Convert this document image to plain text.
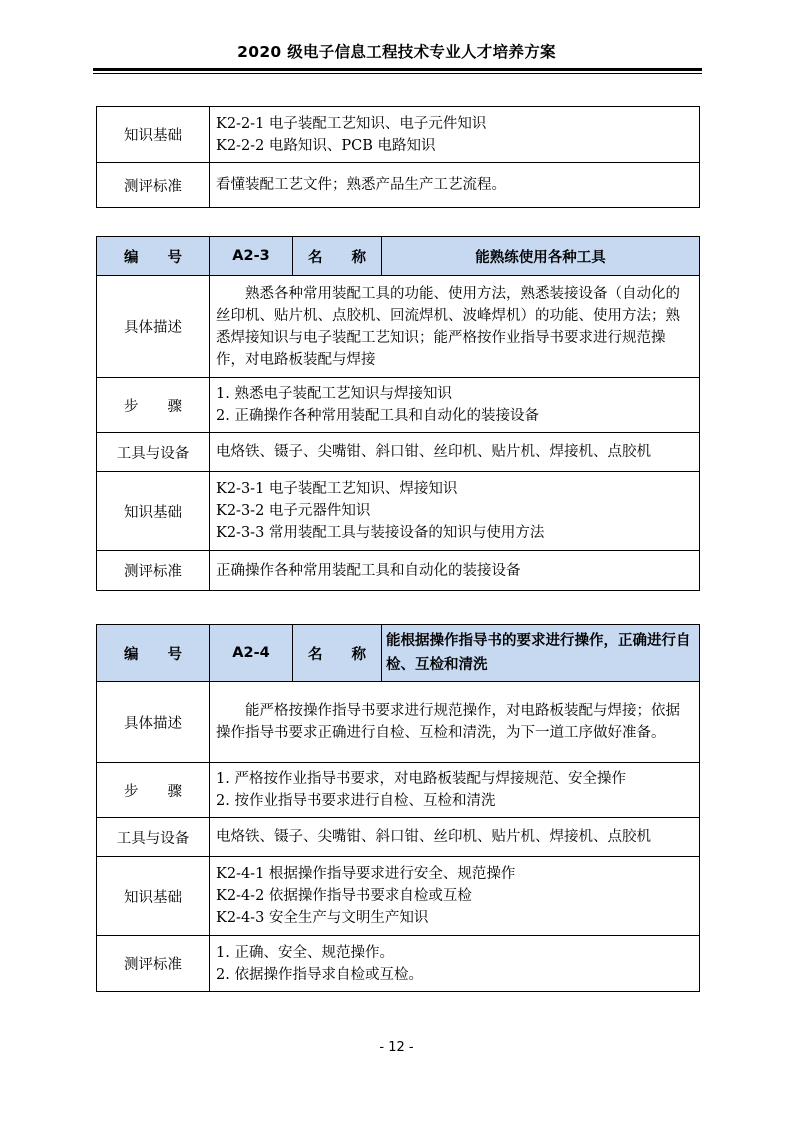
2020 级电子信息工程技术专业人才培养方案
知识基础	K2-2-1 电子装配工艺知识、电子元件知识
K2-2-2 电路知识、PCB 电路知识

测评标准	看懂装配工艺文件；熟悉产品生产工艺流程。
编　　号	A2-3	名　　称	能熟练使用各种工具
具体描述	熟悉各种常用装配工具的功能、使用方法，熟悉装接设备（自动化的丝印机、贴片机、点胶机、回流焊机、波峰焊机）的功能、使用方法；熟悉焊接知识与电子装配工艺知识；能严格按作业指导书要求进行规范操作，对电路板装配与焊接		
步　　骤	1. 熟悉电子装配工艺知识与焊接知识
2. 正确操作各种常用装配工具和自动化的装接设备		

工具与设备	电烙铁、镊子、尖嘴钳、斜口钳、丝印机、贴片机、焊接机、点胶机		
知识基础	K2-3-1 电子装配工艺知识、焊接知识
K2-3-2 电子元器件知识
K2-3-3 常用装配工具与装接设备的知识与使用方法		

测评标准	正确操作各种常用装配工具和自动化的装接设备		
编　　号	A2-4	名　　称	能根据操作指导书的要求进行操作，正确进行自检、互检和清洗
具体描述	能严格按操作指导书要求进行规范操作，对电路板装配与焊接；依据操作指导书要求正确进行自检、互检和清洗，为下一道工序做好准备。		
步　　骤	1. 严格按作业指导书要求，对电路板装配与焊接规范、安全操作
2. 按作业指导书要求进行自检、互检和清洗		

工具与设备	电烙铁、镊子、尖嘴钳、斜口钳、丝印机、贴片机、焊接机、点胶机		
知识基础	K2-4-1 根据操作指导要求进行安全、规范操作
K2-4-2 依据操作指导书要求自检或互检
K2-4-3 安全生产与文明生产知识		

测评标准	1. 正确、安全、规范操作。
2. 依据操作指导求自检或互检。		
- 12 -
